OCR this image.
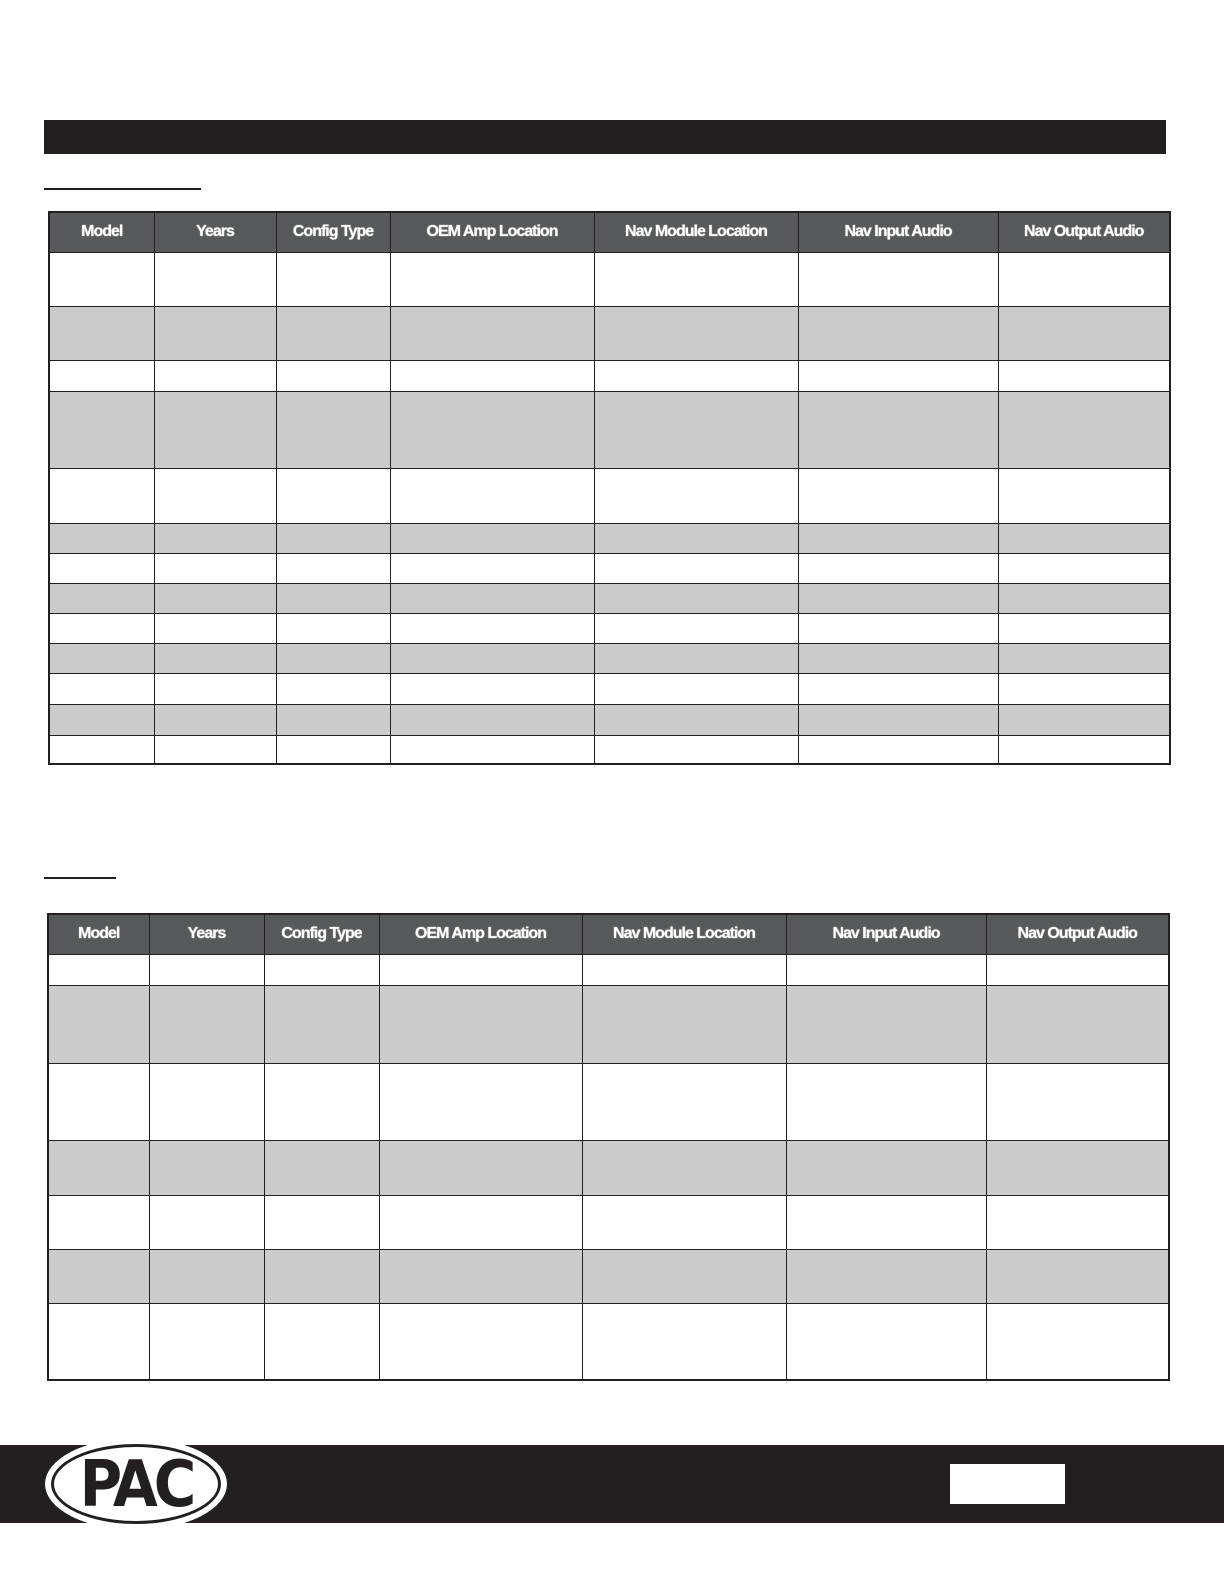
Model	Years	Config Type	OEM Amp Location	Nav Module Location	Nav Input Audio	Nav Output Audio

Model	Years	Config Type	OEM Amp Location	Nav Module Location	Nav Input Audio	Nav Output Audio

PAC
